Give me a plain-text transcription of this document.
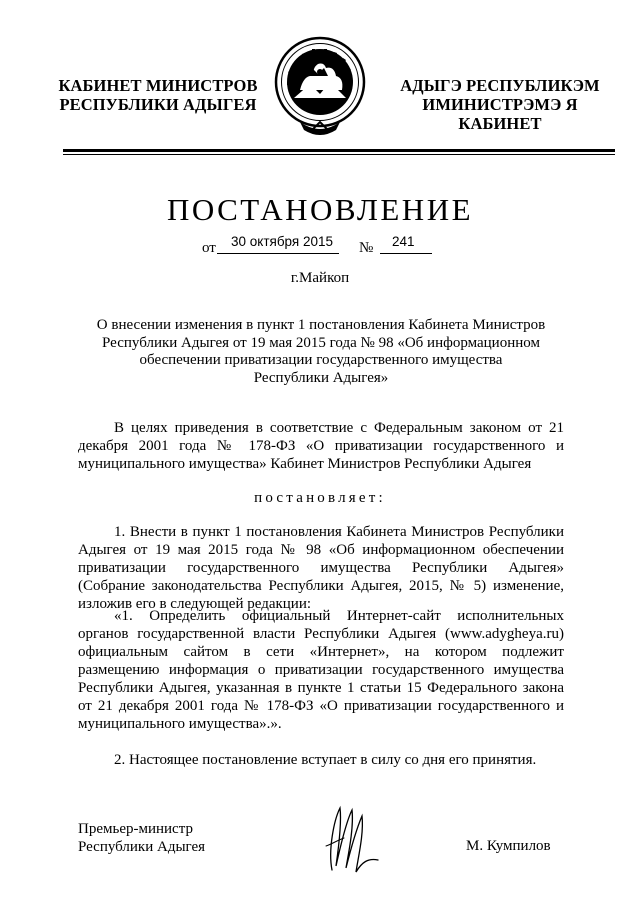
КАБИНЕТ МИНИСТРОВ
РЕСПУБЛИКИ АДЫГЕЯ
АДЫГЭ РЕСПУБЛИКЭМ
ИМИНИСТРЭМЭ Я КАБИНЕТ
ПОСТАНОВЛЕНИЕ
от	30 октября 2015	№	241
г.Майкоп
О внесении изменения в пункт 1 постановления Кабинета Министров
Республики Адыгея от 19 мая 2015 года № 98 «Об информационном
обеспечении приватизации государственного имущества
Республики Адыгея»

В целях приведения в соответствие с Федеральным законом от 21 декабря 2001 года № 178-ФЗ «О приватизации государственного и муниципального имущества» Кабинет Министров Республики Адыгея

постановляет:

1. Внести в пункт 1 постановления Кабинета Министров Республики Адыгея от 19 мая 2015 года № 98 «Об информационном обеспечении приватизации государственного имущества Республики Адыгея» (Собрание законодательства Республики Адыгея, 2015, № 5) изменение, изложив его в следующей редакции:

«1. Определить официальный Интернет-сайт исполнительных органов государственной власти Республики Адыгея (www.adygheya.ru) официальным сайтом в сети «Интернет», на котором подлежит размещению информация о приватизации государственного имущества Республики Адыгея, указанная в пункте 1 статьи 15 Федерального закона от 21 декабря 2001 года № 178-ФЗ «О приватизации государственного и муниципального имущества».».

2. Настоящее постановление вступает в силу со дня его принятия.

Премьер-министр
Республики Адыгея	М. Кумпилов
